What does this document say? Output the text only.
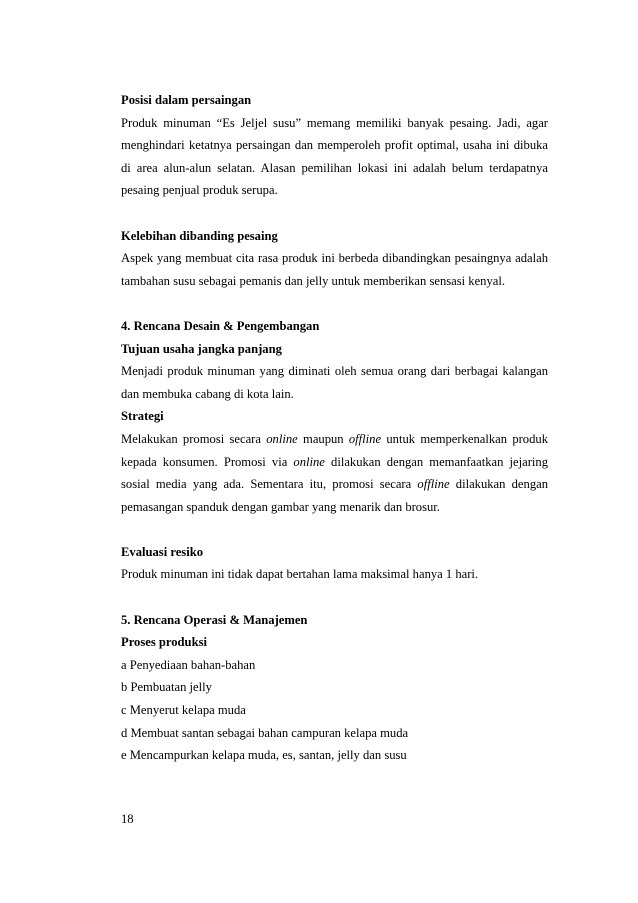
Posisi dalam persaingan

Produk minuman “Es Jeljel susu” memang memiliki banyak pesaing. Jadi, agar menghindari ketatnya persaingan dan memperoleh profit optimal, usaha ini dibuka di area alun-alun selatan. Alasan pemilihan lokasi ini adalah belum terdapatnya pesaing penjual produk serupa.

Kelebihan dibanding pesaing

Aspek yang membuat cita rasa produk ini berbeda dibandingkan pesaingnya adalah tambahan susu sebagai pemanis dan jelly untuk memberikan sensasi kenyal.

4. Rencana Desain & Pengembangan

Tujuan usaha jangka panjang

Menjadi produk minuman yang diminati oleh semua orang dari berbagai kalangan dan membuka cabang di kota lain.

Strategi

Melakukan promosi secara online maupun offline untuk memperkenalkan produk kepada konsumen. Promosi via online dilakukan dengan memanfaatkan jejaring sosial media yang ada. Sementara itu, promosi secara offline dilakukan dengan pemasangan spanduk dengan gambar yang menarik dan brosur.

Evaluasi resiko

Produk minuman ini tidak dapat bertahan lama maksimal hanya 1 hari.

5. Rencana Operasi & Manajemen

Proses produksi

a Penyediaan bahan-bahan

b Pembuatan jelly

c Menyerut kelapa muda

d Membuat santan sebagai bahan campuran kelapa muda

e Mencampurkan kelapa muda, es, santan, jelly dan susu

18
